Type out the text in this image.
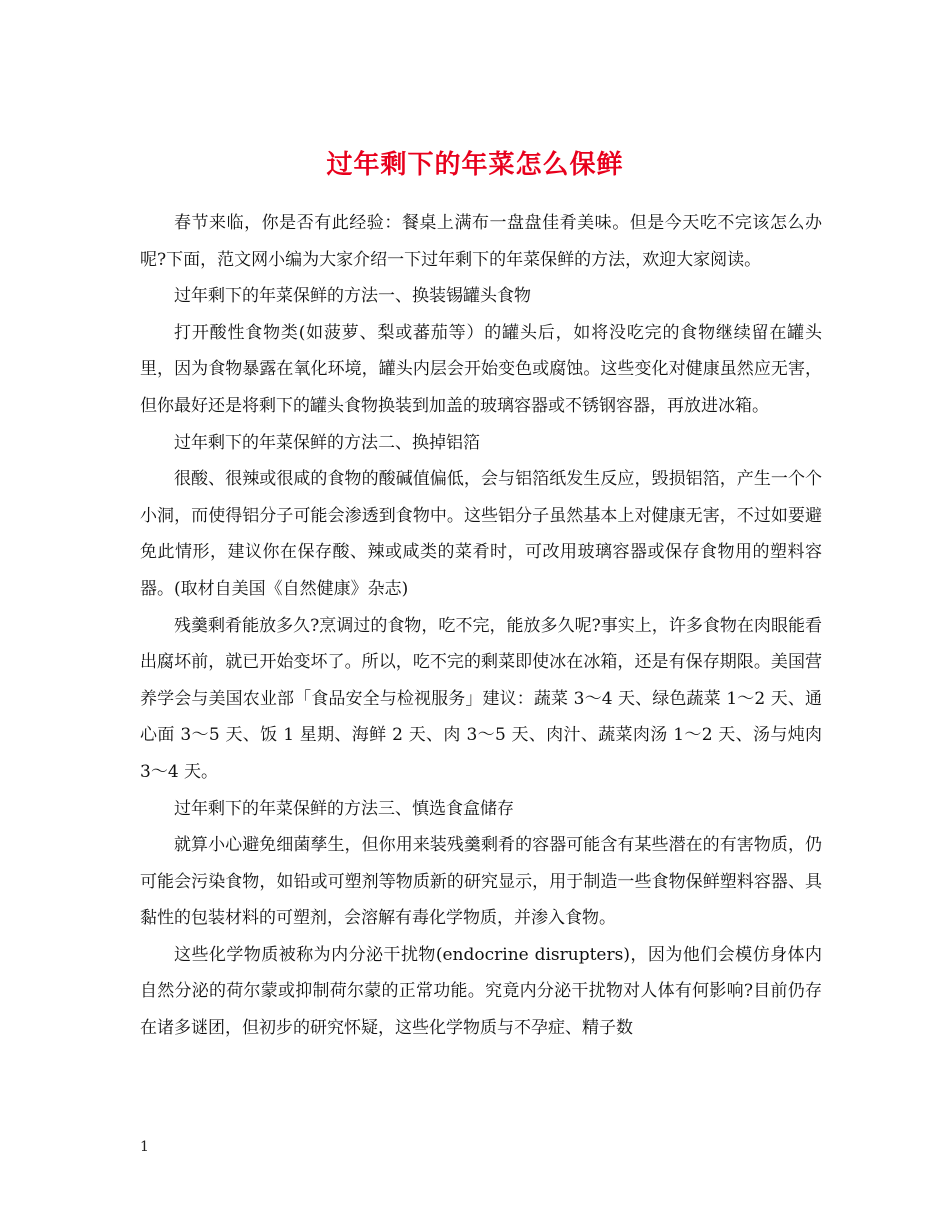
过年剩下的年菜怎么保鲜

春节来临，你是否有此经验：餐桌上满布一盘盘佳肴美味。但是今天吃不完该怎么办呢?下面，范文网小编为大家介绍一下过年剩下的年菜保鲜的方法，欢迎大家阅读。

过年剩下的年菜保鲜的方法一、换装锡罐头食物

打开酸性食物类(如菠萝、梨或蕃茄等）的罐头后，如将没吃完的食物继续留在罐头里，因为食物暴露在氧化环境，罐头内层会开始变色或腐蚀。这些变化对健康虽然应无害，但你最好还是将剩下的罐头食物换装到加盖的玻璃容器或不锈钢容器，再放进冰箱。

过年剩下的年菜保鲜的方法二、换掉铝箔

很酸、很辣或很咸的食物的酸碱值偏低，会与铝箔纸发生反应，毁损铝箔，产生一个个小洞，而使得铝分子可能会渗透到食物中。这些铝分子虽然基本上对健康无害，不过如要避免此情形，建议你在保存酸、辣或咸类的菜肴时，可改用玻璃容器或保存食物用的塑料容器。(取材自美国《自然健康》杂志)

残羹剩肴能放多久?烹调过的食物，吃不完，能放多久呢?事实上，许多食物在肉眼能看出腐坏前，就已开始变坏了。所以，吃不完的剩菜即使冰在冰箱，还是有保存期限。美国营养学会与美国农业部「食品安全与检视服务」建议：蔬菜 3～4 天、绿色蔬菜 1～2 天、通心面 3～5 天、饭 1 星期、海鲜 2 天、肉 3～5 天、肉汁、蔬菜肉汤 1～2 天、汤与炖肉 3～4 天。

过年剩下的年菜保鲜的方法三、慎选食盒储存

就算小心避免细菌孳生，但你用来装残羹剩肴的容器可能含有某些潜在的有害物质，仍可能会污染食物，如铅或可塑剂等物质新的研究显示，用于制造一些食物保鲜塑料容器、具黏性的包装材料的可塑剂，会溶解有毒化学物质，并渗入食物。

这些化学物质被称为内分泌干扰物(endocrine disrupters)，因为他们会模仿身体内自然分泌的荷尔蒙或抑制荷尔蒙的正常功能。究竟内分泌干扰物对人体有何影响?目前仍存在诸多谜团，但初步的研究怀疑，这些化学物质与不孕症、精子数

1
